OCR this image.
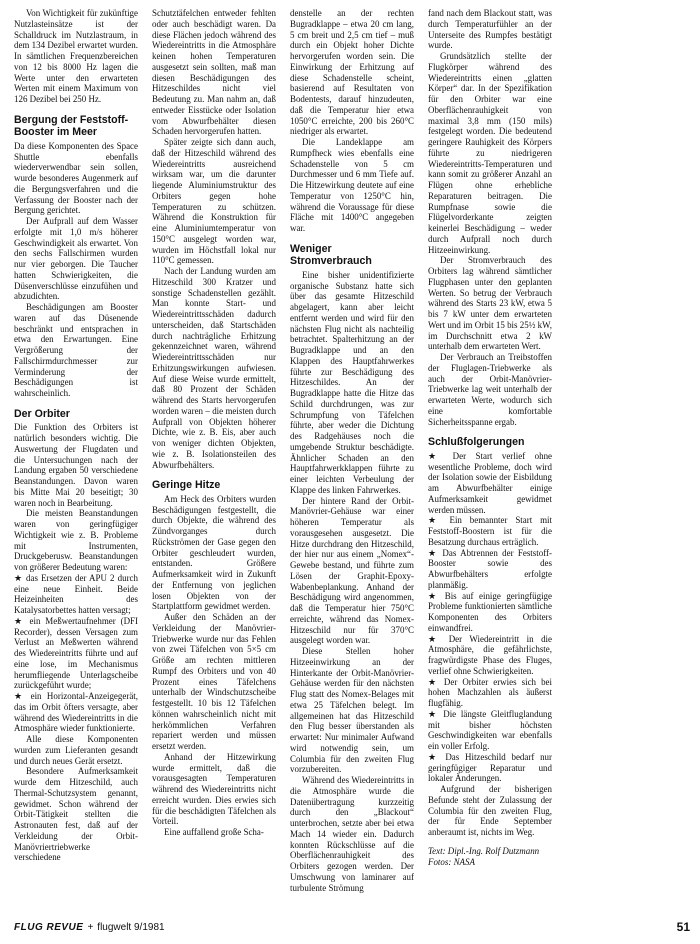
Von Wichtigkeit für zukünftige Nutzlasteinsätze ist der Schalldruck im Nutzlastraum, in dem 134 Dezibel erwartet wurden. In sämtlichen Frequenzbereichen von 12 bis 8000 Hz lagen die Werte unter den erwarteten Werten mit einem Maximum von 126 Dezibel bei 250 Hz.

Bergung der Feststoff-Booster im Meer

Da diese Komponenten des Space Shuttle ebenfalls wiederverwendbar sein sollen, wurde besonderes Augenmerk auf die Bergungsverfahren und die Verfassung der Booster nach der Bergung gerichtet.

Der Aufprall auf dem Wasser erfolgte mit 1,0 m/s höherer Geschwindigkeit als erwartet. Von den sechs Fallschirmen wurden nur vier geborgen. Die Taucher hatten Schwierigkeiten, die Düsenverschlüsse einzufühen und abzudichten.

Beschädigungen am Booster waren auf das Düsenende beschränkt und entsprachen in etwa den Erwartungen. Eine Vergrößerung der Fallschirmdurchmesser zur Verminderung der Beschädigungen ist wahrscheinlich.

Der Orbiter

Die Funktion des Orbiters ist natürlich besonders wichtig. Die Auswertung der Flugdaten und die Untersuchungen nach der Landung ergaben 50 verschiedene Beanstandungen. Davon waren bis Mitte Mai 20 beseitigt; 30 waren noch in Bearbeitung.

Die meisten Beanstandungen waren von geringfügiger Wichtigkeit wie z. B. Probleme mit Instrumenten, Druckgeberusw. Beanstandungen von größerer Bedeutung waren:

★ das Ersetzen der APU 2 durch eine neue Einheit. Beide Heizeinheiten des Katalysatorbettes hatten versagt;

★ ein Meßwertaufnehmer (DFI Recorder), dessen Versagen zum Verlust an Meßwerten während des Wiedereintritts führte und auf eine lose, im Mechanismus herumfliegende Unterlagscheibe zurückgeführt wurde;

★ ein Horizontal-Anzeigegerät, das im Orbit öfters versagte, aber während des Wiedereintritts in die Atmosphäre wieder funktionierte.

Alle diese Komponenten wurden zum Lieferanten gesandt und durch neues Gerät ersetzt.

Besondere Aufmerksamkeit wurde dem Hitzeschild, auch Thermal-Schutzsystem genannt, gewidmet. Schon während der Orbit-Tätigkeit stellten die Astronauten fest, daß auf der Verkleidung der Orbit-Manövriertriebwerke verschiedene

Schutztäfelchen entweder fehlten oder auch beschädigt waren. Da diese Flächen jedoch während des Wiedereintritts in die Atmosphäre keinen hohen Temperaturen ausgesetzt sein sollten, maß man diesen Beschädigungen des Hitzeschildes nicht viel Bedeutung zu. Man nahm an, daß entweder Eisstücke oder Isolation vom Abwurfbehälter diesen Schaden hervorgerufen hatten.

Später zeigte sich dann auch, daß der Hitzeschild während des Wiedereintritts ausreichend wirksam war, um die darunter liegende Aluminiumstruktur des Orbiters gegen hohe Temperaturen zu schützen. Während die Konstruktion für eine Aluminiumtemperatur von 150°C ausgelegt worden war, wurden im Höchstfall lokal nur 110°C gemessen.

Nach der Landung wurden am Hitzeschild 300 Kratzer und sonstige Schadenstellen gezählt. Man konnte Start- und Wiedereintrittsschäden dadurch unterscheiden, daß Startschäden durch nachträgliche Erhitzung gekennzeichnet waren, während Wiedereintrittsschäden nur Erhitzungswirkungen aufwiesen. Auf diese Weise wurde ermittelt, daß 80 Prozent der Schäden während des Starts hervorgerufen worden waren – die meisten durch Aufprall von Objekten höherer Dichte, wie z. B. Eis, aber auch von weniger dichten Objekten, wie z. B. Isolationsteilen des Abwurfbehälters.

Geringe Hitze

Am Heck des Orbiters wurden Beschädigungen festgestellt, die durch Objekte, die während des Zündvorganges durch Rückströmen der Gase gegen den Orbiter geschleudert wurden, entstanden. Größere Aufmerksamkeit wird in Zukunft der Entfernung von jeglichen losen Objekten von der Startplattform gewidmet werden.

Außer den Schäden an der Verkleidung der Manövrier-Triebwerke wurde nur das Fehlen von zwei Täfelchen von 5×5 cm Größe am rechten mittleren Rumpf des Orbiters und von 40 Prozent eines Täfelchens unterhalb der Windschutzscheibe festgestellt. 10 bis 12 Täfelchen können wahrscheinlich nicht mit herkömmlichen Verfahren repariert werden und müssen ersetzt werden.

Anhand der Hitzewirkung wurde ermittelt, daß die vorausgesagten Temperaturen während des Wiedereintritts nicht erreicht wurden. Dies erwies sich für die beschädigten Täfelchen als Vorteil.

Eine auffallend große Scha-

denstelle an der rechten Bugradklappe – etwa 20 cm lang, 5 cm breit und 2,5 cm tief – muß durch ein Objekt hoher Dichte hervorgerufen worden sein. Die Einwirkung der Erhitzung auf diese Schadenstelle scheint, basierend auf Resultaten von Bodentests, darauf hinzudeuten, daß die Temperatur hier etwa 1050°C erreichte, 200 bis 260°C niedriger als erwartet.

Die Landeklappe am Rumpfheck wies ebenfalls eine Schadenstelle von 5 cm Durchmesser und 6 mm Tiefe auf. Die Hitzewirkung deutete auf eine Temperatur von 1250°C hin, während die Voraussage für diese Fläche mit 1400°C angegeben war.

Weniger Stromverbrauch

Eine bisher unidentifizierte organische Substanz hatte sich über das gesamte Hitzeschild abgelagert, kann aber leicht entfernt werden und wird für den nächsten Flug nicht als nachteilig betrachtet. Spalterhitzung an der Bugradklappe und an den Klappen des Hauptfahrwerkes führte zur Beschädigung des Hitzeschildes. An der Bugradklappe hatte die Hitze das Schild durchdrungen, was zur Schrumpfung von Täfelchen führte, aber weder die Dichtung des Radgehäuses noch die umgebende Struktur beschädigte. Ähnlicher Schaden an den Hauptfahrwerkklappen führte zu einer leichten Verbeulung der Klappe des linken Fahrwerkes.

Der hintere Rand der Orbit-Manövrier-Gehäuse war einer höheren Temperatur als vorausgesehen ausgesetzt. Die Hitze durchdrang den Hitzeschild, der hier nur aus einem „Nomex“-Gewebe bestand, und führte zum Lösen der Graphit-Epoxy-Wabenbeplankung. Anhand der Beschädigung wird angenommen, daß die Temperatur hier 750°C erreichte, während das Nomex-Hitzeschild nur für 370°C ausgelegt worden war.

Diese Stellen hoher Hitzeeinwirkung an der Hinterkante der Orbit-Manövrier-Gehäuse werden für den nächsten Flug statt des Nomex-Belages mit etwa 25 Täfelchen belegt. Im allgemeinen hat das Hitzeschild den Flug besser überstanden als erwartet: Nur minimaler Aufwand wird notwendig sein, um Columbia für den zweiten Flug vorzubereiten.

Während des Wiedereintritts in die Atmosphäre wurde die Datenübertragung kurzzeitig durch den „Blackout“ unterbrochen, setzte aber bei etwa Mach 14 wieder ein. Dadurch konnten Rückschlüsse auf die Oberflächenrauhigkeit des Orbiters gezogen werden. Der Umschwung von laminarer auf turbulente Strömung

fand nach dem Blackout statt, was durch Temperaturfühler an der Unterseite des Rumpfes bestätigt wurde.

Grundsätzlich stellte der Flugkörper während des Wiedereintritts einen „glatten Körper“ dar. In der Spezifikation für den Orbiter war eine Oberflächenrauhigkeit von maximal 3,8 mm (150 mils) festgelegt worden. Die bedeutend geringere Rauhigkeit des Körpers führte zu niedrigeren Wiedereintritts-Temperaturen und kann somit zu größerer Anzahl an Flügen ohne erhebliche Reparaturen beitragen. Die Rumpfnase sowie die Flügelvorderkante zeigten keinerlei Beschädigung – weder durch Aufprall noch durch Hitzeeinwirkung.

Der Stromverbrauch des Orbiters lag während sämtlicher Flugphasen unter den geplanten Werten. So betrug der Verbrauch während des Starts 23 kW, etwa 5 bis 7 kW unter dem erwarteten Wert und im Orbit 15 bis 25½ kW, im Durchschnitt etwa 2 kW unterhalb dem erwarteten Wert.

Der Verbrauch an Treibstoffen der Fluglagen-Triebwerke als auch der Orbit-Manövrier-Triebwerke lag weit unterhalb der erwarteten Werte, wodurch sich eine komfortable Sicherheitsspanne ergab.

Schlußfolgerungen

★ Der Start verlief ohne wesentliche Probleme, doch wird der Isolation sowie der Eisbildung am Abwurfbehälter einige Aufmerksamkeit gewidmet werden müssen.

★ Ein bemannter Start mit Feststoff-Boostern ist für die Besatzung durchaus erträglich.

★ Das Abtrennen der Feststoff-Booster sowie des Abwurfbehälters erfolgte planmäßig.

★ Bis auf einige geringfügige Probleme funktionierten sämtliche Komponenten des Orbiters einwandfrei.

★ Der Wiedereintritt in die Atmosphäre, die gefährlichste, fragwürdigste Phase des Fluges, verlief ohne Schwierigkeiten.

★ Der Orbiter erwies sich bei hohen Machzahlen als äußerst flugfähig.

★ Die längste Gleitfluglandung mit bisher höchsten Geschwindigkeiten war ebenfalls ein voller Erfolg.

★ Das Hitzeschild bedarf nur geringfügiger Reparatur und lokaler Änderungen.

Aufgrund der bisherigen Befunde steht der Zulassung der Columbia für den zweiten Flug, der für Ende September anberaumt ist, nichts im Weg.

Text: Dipl.-Ing. Rolf Dutzmann Fotos: NASA

FLUG REVUE + flugwelt 9/1981	51
